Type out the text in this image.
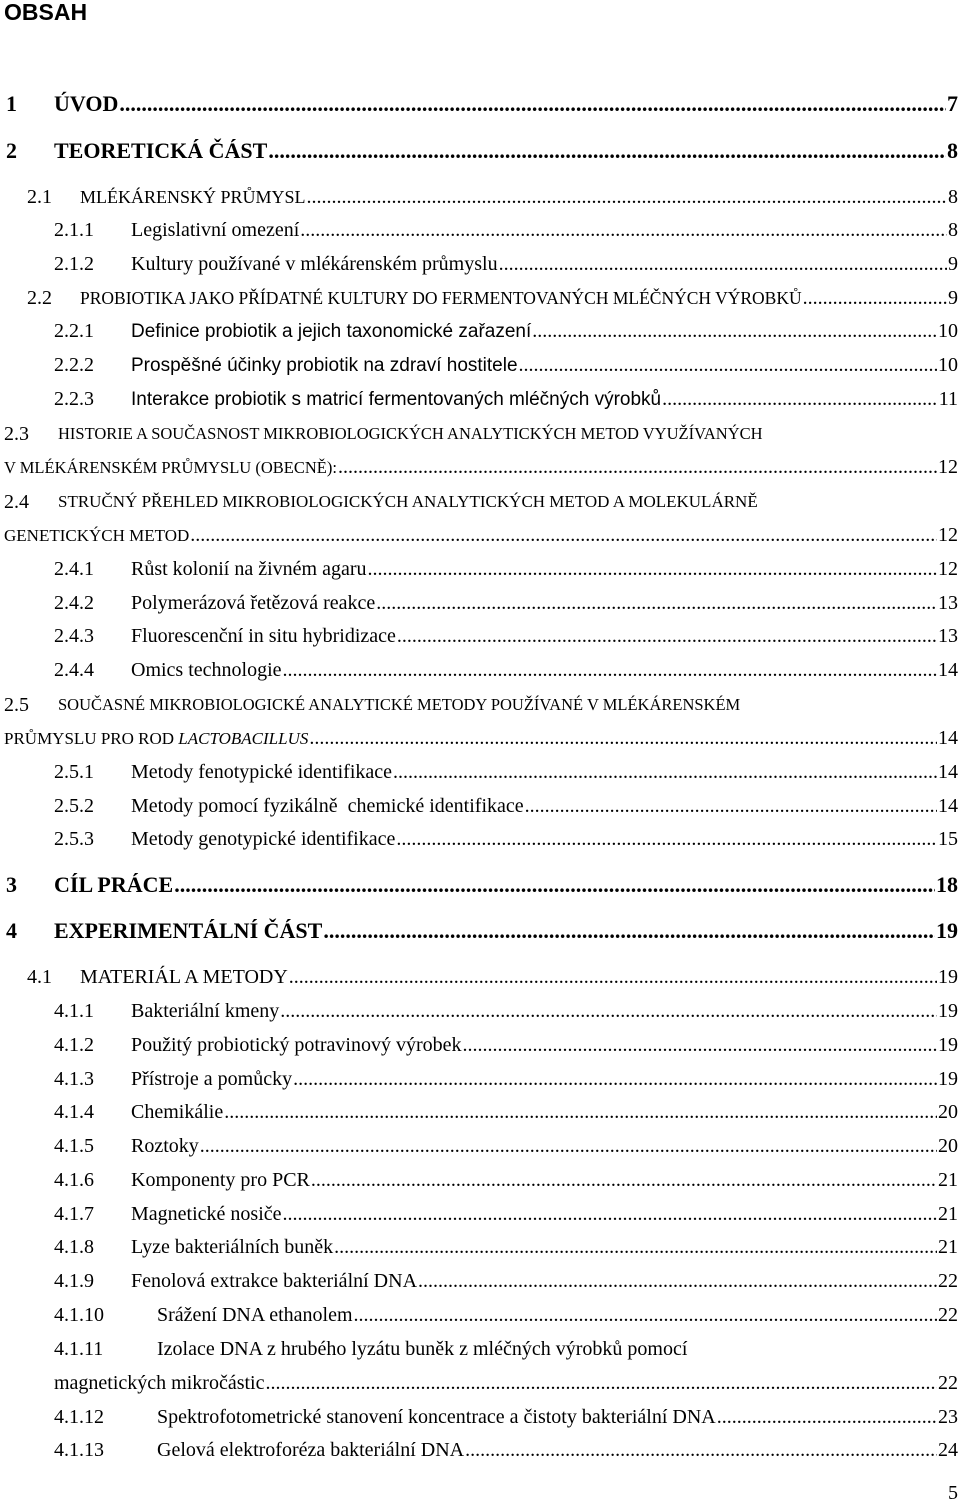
OBSAH
1 ÚVOD .....	7
2 TEORETICKÁ ČÁST .....	8
2.1 MLÉKÁRENSKÝ PRŮMYSL .....	8
2.1.1 Legislativní omezení .....	8
2.1.2 Kultury používané v mlékárenském průmyslu .....	9
2.2 PROBIOTIKA JAKO PŘÍDATNÉ KULTURY DO FERMENTOVANÝCH MLÉČNÝCH VÝROBKŮ .....	9
2.2.1 Definice probiotik a jejich taxonomické zařazení .....	10
2.2.2 Prospěšné účinky probiotik na zdraví hostitele .....	10
2.2.3 Interakce probiotik s matricí fermentovaných mléčných výrobků .....	11
2.3 HISTORIE A SOUČASNOST MIKROBIOLOGICKÝCH ANALYTICKÝCH METOD VYUŽÍVANÝCH
V MLÉKÁRENSKÉM PRŮMYSLU (OBECNĚ): .....	12
2.4 STRUČNÝ PŘEHLED MIKROBIOLOGICKÝCH ANALYTICKÝCH METOD A MOLEKULÁRNĚ
GENETICKÝCH METOD .....	12
2.4.1 Růst kolonií na živném agaru .....	12
2.4.2 Polymerázová řetězová reakce .....	13
2.4.3 Fluorescenční in situ hybridizace .....	13
2.4.4 Omics technologie .....	14
2.5 SOUČASNÉ MIKROBIOLOGICKÉ ANALYTICKÉ METODY POUŽÍVANÉ V MLÉKÁRENSKÉM
PRŮMYSLU PRO ROD LACTOBACILLUS .....	14
2.5.1 Metody fenotypické identifikace .....	14
2.5.2 Metody pomocí fyzikálně  chemické identifikace .....	14
2.5.3 Metody genotypické identifikace .....	15
3 CÍL PRÁCE .....	18
4 EXPERIMENTÁLNÍ ČÁST .....	19
4.1 MATERIÁL A METODY .....	19
4.1.1 Bakteriální kmeny .....	19
4.1.2 Použitý probiotický potravinový výrobek .....	19
4.1.3 Přístroje a pomůcky .....	19
4.1.4 Chemikálie .....	20
4.1.5 Roztoky .....	20
4.1.6 Komponenty pro PCR .....	21
4.1.7 Magnetické nosiče .....	21
4.1.8 Lyze bakteriálních buněk .....	21
4.1.9 Fenolová extrakce bakteriální DNA .....	22
4.1.10	Srážení DNA ethanolem .....	22
4.1.11	Izolace DNA z hrubého lyzátu buněk z mléčných výrobků pomocí
magnetických mikročástic .....	22
4.1.12	Spektrofotometrické stanovení koncentrace a čistoty bakteriální DNA .....	23
4.1.13	Gelová elektroforéza bakteriální DNA .....	24
5
